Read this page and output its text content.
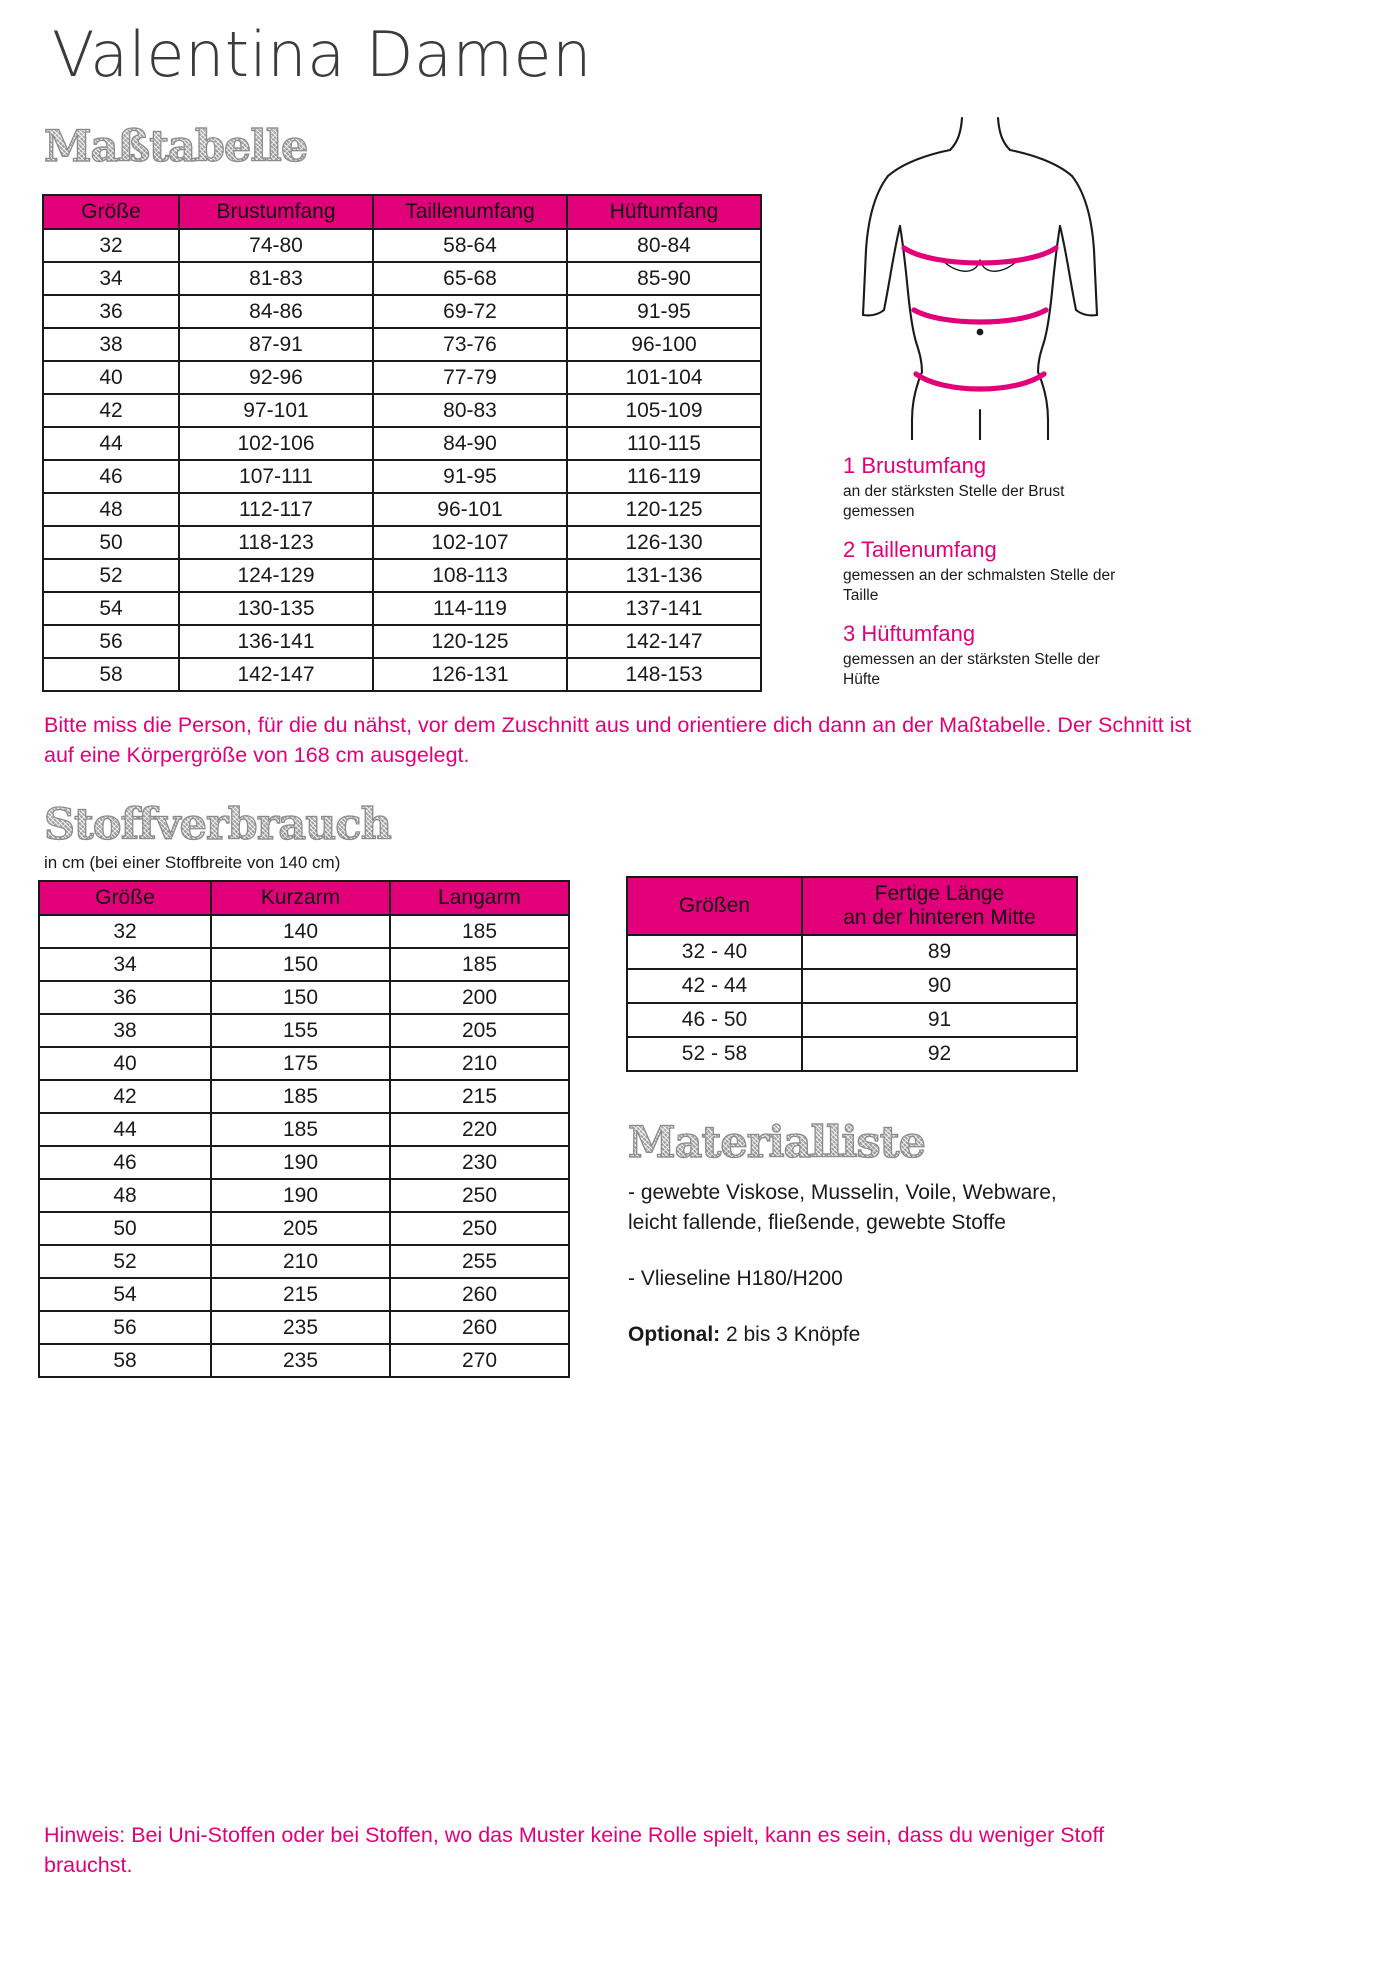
Valentina Damen
Maßtabelle
Größe	Brustumfang	Taillenumfang	Hüftumfang
32	74-80	58-64	80-84
34	81-83	65-68	85-90
36	84-86	69-72	91-95
38	87-91	73-76	96-100
40	92-96	77-79	101-104
42	97-101	80-83	105-109
44	102-106	84-90	110-115
46	107-111	91-95	116-119
48	112-117	96-101	120-125
50	118-123	102-107	126-130
52	124-129	108-113	131-136
54	130-135	114-119	137-141
56	136-141	120-125	142-147
58	142-147	126-131	148-153
1 Brustumfang
an der stärksten Stelle der Brust gemessen
2 Taillenumfang
gemessen an der schmalsten Stelle der Taille
3 Hüftumfang
gemessen an der stärksten Stelle der Hüfte
Bitte miss die Person, für die du nähst, vor dem Zuschnitt aus und orientiere dich dann an der Maßtabelle. Der Schnitt ist auf eine Körpergröße von 168 cm ausgelegt.
Stoffverbrauch
in cm (bei einer Stoffbreite von 140 cm)
Größe	Kurzarm	Langarm
32	140	185
34	150	185
36	150	200
38	155	205
40	175	210
42	185	215
44	185	220
46	190	230
48	190	250
50	205	250
52	210	255
54	215	260
56	235	260
58	235	270
Größen	Fertige Länge
an der hinteren Mitte
32 - 40	89
42 - 44	90
46 - 50	91
52 - 58	92
Materialliste

- gewebte Viskose, Musselin, Voile, Webware, leicht fallende, fließende, gewebte Stoffe

- Vlieseline H180/H200

Optional: 2 bis 3 Knöpfe

Hinweis: Bei Uni-Stoffen oder bei Stoffen, wo das Muster keine Rolle spielt, kann es sein, dass du weniger Stoff brauchst.
